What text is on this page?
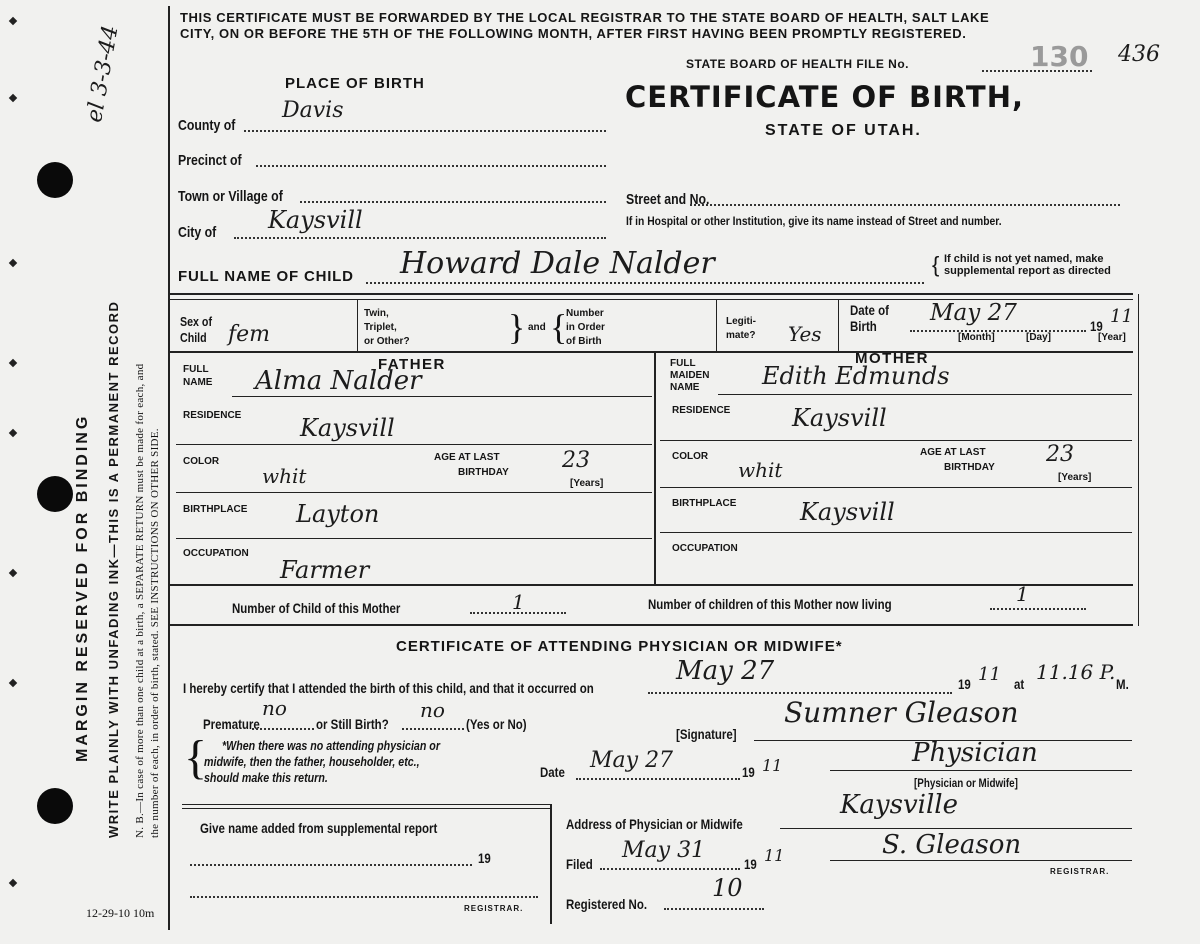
el 3-3-44
MARGIN RESERVED FOR BINDING WRITE PLAINLY WITH UNFADING INK—THIS IS A PERMANENT RECORD N. B.—In case of more than one child at a birth, a SEPARATE RETURN must be made for each, and the number of each, in order of birth, stated. SEE INSTRUCTIONS ON OTHER SIDE.
12-29-10 10m
THIS CERTIFICATE MUST BE FORWARDED BY THE LOCAL REGISTRAR TO THE STATE BOARD OF HEALTH, SALT LAKE
CITY, ON OR BEFORE THE 5TH OF THE FOLLOWING MONTH, AFTER FIRST HAVING BEEN PROMPTLY REGISTERED.
STATE BOARD OF HEALTH FILE No.	130 436
CERTIFICATE OF BIRTH,
STATE OF UTAH.
PLACE OF BIRTH
County of
Davis
Precinct of
Town or Village of
City of Kaysvill
Street and No.
If in Hospital or other Institution, give its name instead of Street and number.
FULL NAME OF CHILD Howard Dale Nalder	{ If child is not yet named, make
supplemental report as directed
Sex of
Child fem
Twin,
Triplet,
or Other?	} and {
Number
in Order
of Birth
Legiti-
mate? Yes
Date of
Birth May 27	19 11
[Month]	[Day]	[Year]
FATHER	MOTHER
FULL
NAME Alma Nalder
RESIDENCE Kaysvill
COLOR
whit
AGE AT LAST
BIRTHDAY 23
[Years]
BIRTHPLACE Layton
OCCUPATION
Farmer
FULL
MAIDEN
NAME	Edith Edmunds
RESIDENCE	Kaysvill
COLOR
whit
AGE AT LAST
BIRTHDAY
23
[Years]
BIRTHPLACE	Kaysvill
OCCUPATION
Number of Child of this Mother	1	Number of children of this Mother now living	1
CERTIFICATE OF ATTENDING PHYSICIAN OR MIDWIFE*
I hereby certify that I attended the birth of this child, and that it occurred on
May 27	19 11 at 11.16 P. M.
Premature
no
or Still Birth?
no
(Yes or No)
{ *When there was no attending physician or
midwife, then the father, householder, etc.,
should make this return.
[Signature]
Sumner Gleason
Date May 27	19 11	Physician
[Physician or Midwife]
Give name added from supplemental report
19
REGISTRAR.
Address of Physician or Midwife
Kaysville
Filed
May 31
19 11	S. Gleason
REGISTRAR.
Registered No.
10
